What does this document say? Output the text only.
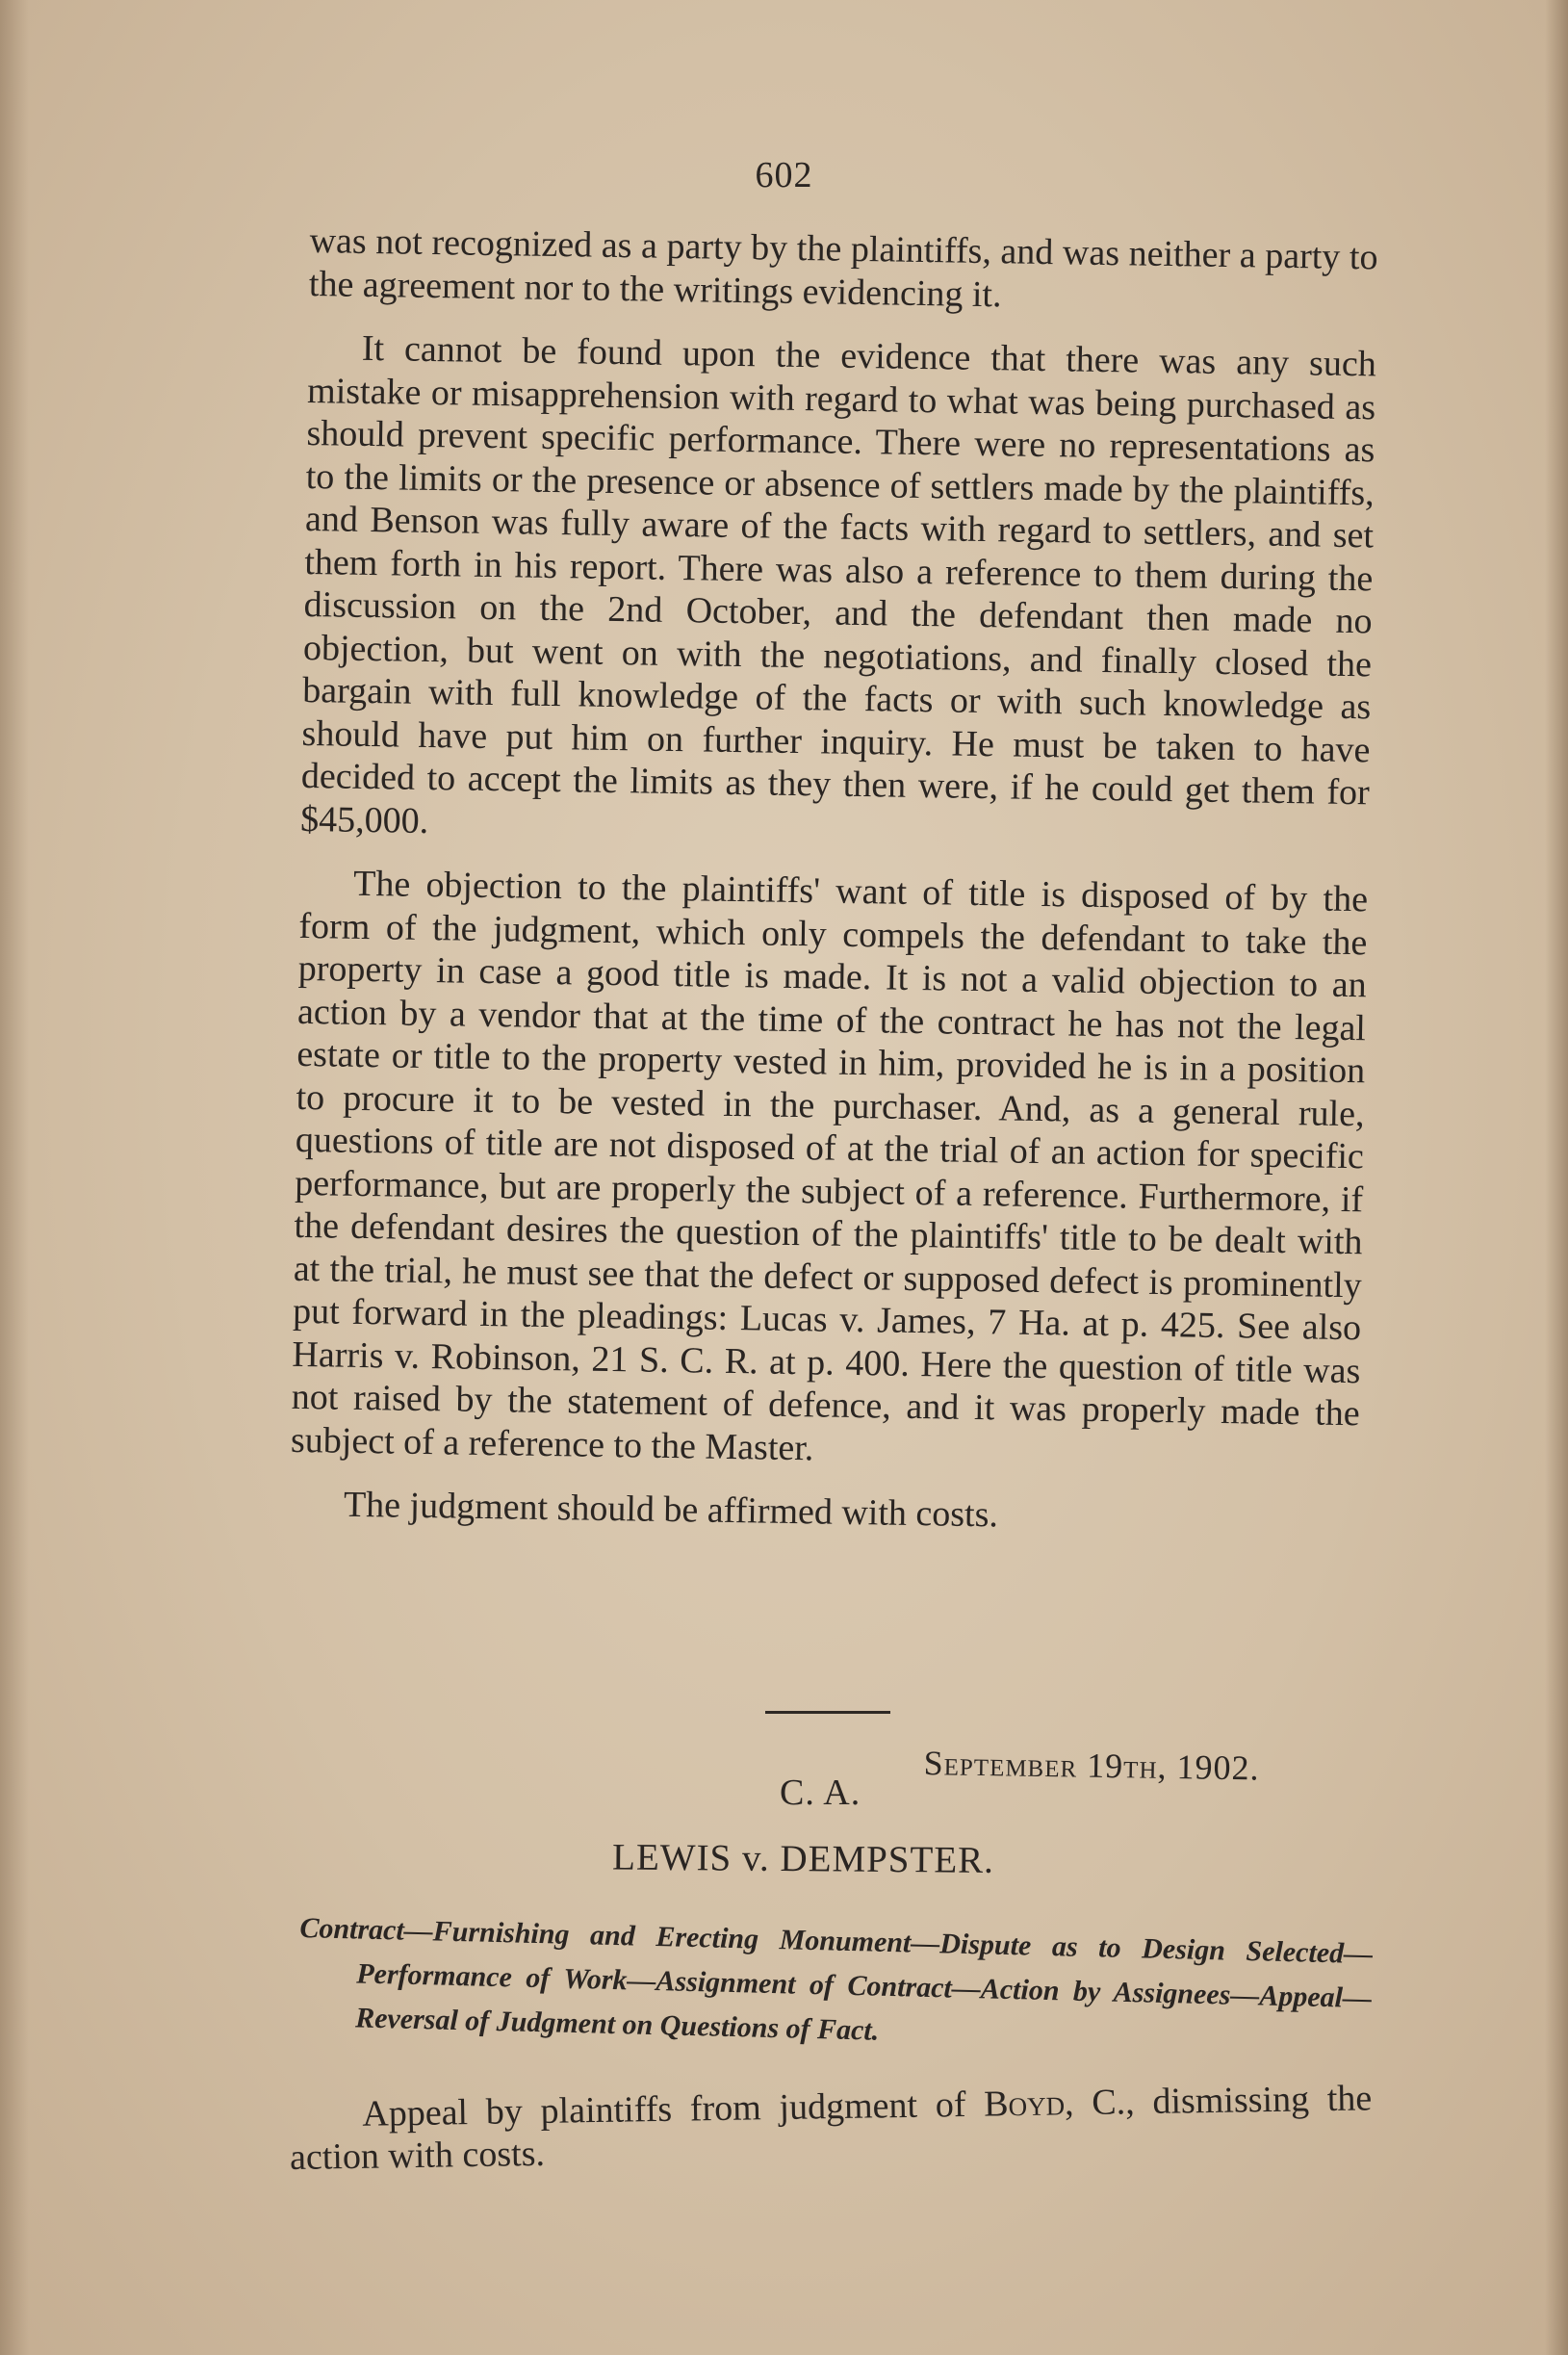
602

was not recognized as a party by the plaintiffs, and was neither a party to the agreement nor to the writings evidencing it.

It cannot be found upon the evidence that there was any such mistake or misapprehension with regard to what was being purchased as should prevent specific performance. There were no representations as to the limits or the presence or absence of settlers made by the plaintiffs, and Benson was fully aware of the facts with regard to settlers, and set them forth in his report. There was also a reference to them during the discussion on the 2nd October, and the defendant then made no objection, but went on with the negotiations, and finally closed the bargain with full knowledge of the facts or with such knowledge as should have put him on further inquiry. He must be taken to have decided to accept the limits as they then were, if he could get them for $45,000.

The objection to the plaintiffs' want of title is disposed of by the form of the judgment, which only compels the defendant to take the property in case a good title is made. It is not a valid objection to an action by a vendor that at the time of the contract he has not the legal estate or title to the property vested in him, provided he is in a position to procure it to be vested in the purchaser. And, as a general rule, questions of title are not disposed of at the trial of an action for specific performance, but are properly the subject of a reference. Furthermore, if the defendant desires the question of the plaintiffs' title to be dealt with at the trial, he must see that the defect or supposed defect is prominently put forward in the pleadings: Lucas v. James, 7 Ha. at p. 425. See also Harris v. Robinson, 21 S. C. R. at p. 400. Here the question of title was not raised by the statement of defence, and it was properly made the subject of a reference to the Master.

The judgment should be affirmed with costs.

September 19th, 1902.
C. A.
LEWIS v. DEMPSTER.
Contract—Furnishing and Erecting Monument—Dispute as to Design Selected—Performance of Work—Assignment of Contract—Action by Assignees—Appeal—Reversal of Judgment on Questions of Fact.
Appeal by plaintiffs from judgment of Boyd, C., dismissing the action with costs.
